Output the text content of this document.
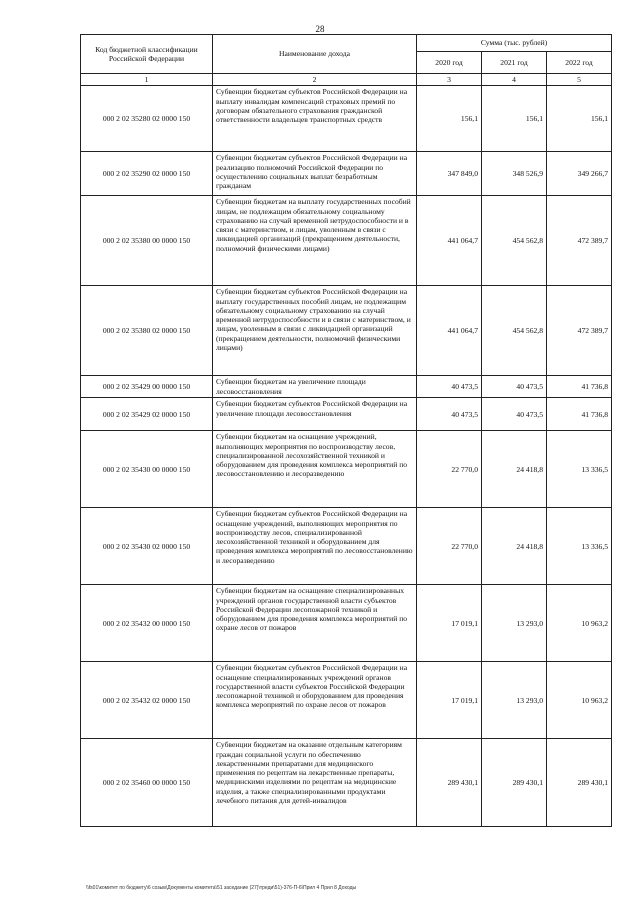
28
Код бюджетной классификации Российской Федерации	Наименование дохода	Сумма (тыс. рублей)		
		2020 год	2021 год	2022 год
1	2	3	4	5
000 2 02 35280 02 0000 150	Субвенции бюджетам субъектов Российской Федерации на выплату инвалидам компенсаций страховых премий по договорам обязательного страхования гражданской ответственности владельцев транспортных средств	156,1	156,1	156,1
000 2 02 35290 02 0000 150	Субвенции бюджетам субъектов Российской Федерации на реализацию полномочий Российской Федерации по осуществлению социальных выплат безработным гражданам	347 849,0	348 526,9	349 266,7
000 2 02 35380 00 0000 150	Субвенции бюджетам на выплату государственных пособий лицам, не подлежащим обязательному социальному страхованию на случай временной нетрудоспособности и в связи с материнством, и лицам, уволенным в связи с ликвидацией организаций (прекращением деятельности, полномочий физическими лицами)	441 064,7	454 562,8	472 389,7
000 2 02 35380 02 0000 150	Субвенции бюджетам субъектов Российской Федерации на выплату государственных пособий лицам, не подлежащим обязательному социальному страхованию на случай временной нетрудоспособности и в связи с материнством, и лицам, уволенным в связи с ликвидацией организаций (прекращением деятельности, полномочий физическими лицами)	441 064,7	454 562,8	472 389,7
000 2 02 35429 00 0000 150	Субвенции бюджетам на увеличение площади лесовосстановления	40 473,5	40 473,5	41 736,8
000 2 02 35429 02 0000 150	Субвенции бюджетам субъектов Российской Федерации на увеличение площади лесовосстановления	40 473,5	40 473,5	41 736,8
000 2 02 35430 00 0000 150	Субвенции бюджетам на оснащение учреждений, выполняющих мероприятия по воспроизводству лесов, специализированной лесохозяйственной техникой и оборудованием для проведения комплекса мероприятий по лесовосстановлению и лесоразведению	22 770,0	24 418,8	13 336,5
000 2 02 35430 02 0000 150	Субвенции бюджетам субъектов Российской Федерации на оснащение учреждений, выполняющих мероприятия по воспроизводству лесов, специализированной лесохозяйственной техникой и оборудованием для проведения комплекса мероприятий по лесовосстановлению и лесоразведению	22 770,0	24 418,8	13 336,5
000 2 02 35432 00 0000 150	Субвенции бюджетам на оснащение специализированных учреждений органов государственной власти субъектов Российской Федерации лесопожарной техникой и оборудованием для проведения комплекса мероприятий по охране лесов от пожаров	17 019,1	13 293,0	10 963,2
000 2 02 35432 02 0000 150	Субвенции бюджетам субъектов Российской Федерации на оснащение специализированных учреждений органов государственной власти субъектов Российской Федерации лесопожарной техникой и оборудованием для проведения комплекса мероприятий по охране лесов от пожаров	17 019,1	13 293,0	10 963,2
000 2 02 35460 00 0000 150	Субвенции бюджетам на оказание отдельным категориям граждан социальной услуги по обеспечению лекарственными препаратами для медицинского применения по рецептам на лекарственные препараты, медицинскими изделиями по рецептам на медицинские изделия, а также специализированными продуктами лечебного питания для детей-инвалидов	289 430,1	289 430,1	289 430,1
\\fs01\комитет по бюджету\6 созыв\Документы комитета\51 заседание (27)\треди\51)-376-П-6\Прил 4 Прил 8 Доходы
